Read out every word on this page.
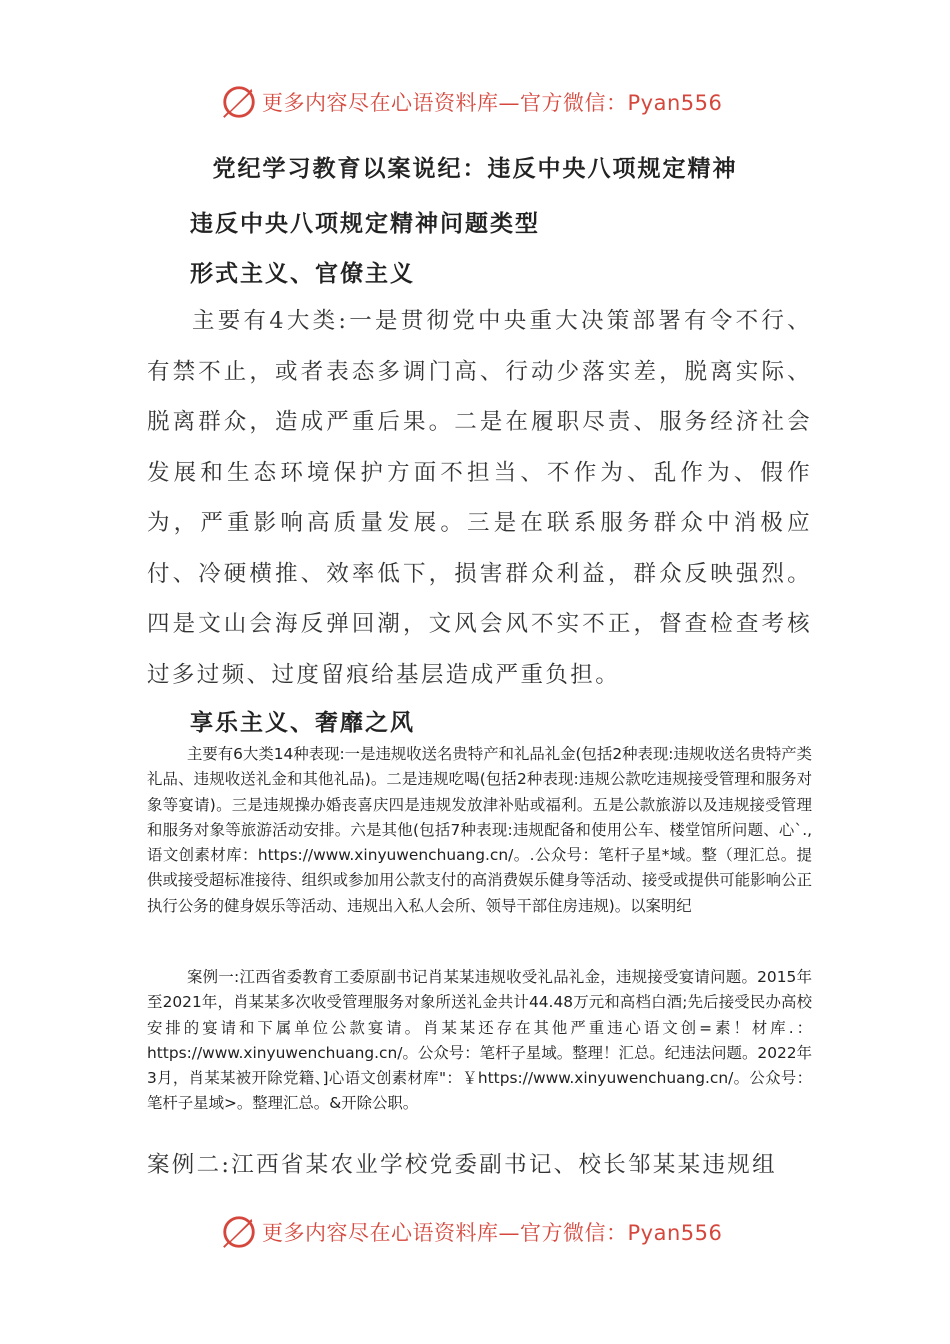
更多内容尽在心语资料库—官方微信：Pyan556
党纪学习教育以案说纪：违反中央八项规定精神
违反中央八项规定精神问题类型
形式主义、官僚主义
主要有4大类:一是贯彻党中央重大决策部署有令不行、有禁不止，或者表态多调门高、行动少落实差，脱离实际、脱离群众，造成严重后果。二是在履职尽责、服务经济社会发展和生态环境保护方面不担当、不作为、乱作为、假作为，严重影响高质量发展。三是在联系服务群众中消极应付、冷硬横推、效率低下，损害群众利益，群众反映强烈。四是文山会海反弹回潮，文风会风不实不正，督查检查考核过多过频、过度留痕给基层造成严重负担。
享乐主义、奢靡之风
主要有6大类14种表现:一是违规收送名贵特产和礼品礼金(包括2种表现:违规收送名贵特产类礼品、违规收送礼金和其他礼品)。二是违规吃喝(包括2种表现:违规公款吃违规接受管理和服务对象等宴请)。三是违规操办婚丧喜庆四是违规发放津补贴或福利。五是公款旅游以及违规接受管理和服务对象等旅游活动安排。六是其他(包括7种表现:违规配备和使用公车、楼堂馆所问题、心`.,语文创素材库：https://www.xinyuwenchuang.cn/。.公众号：笔杆子星*域。整（理汇总。提供或接受超标准接待、组织或参加用公款支付的高消费娱乐健身等活动、接受或提供可能影响公正执行公务的健身娱乐等活动、违规出入私人会所、领导干部住房违规)。以案明纪
案例一:江西省委教育工委原副书记肖某某违规收受礼品礼金，违规接受宴请问题。2015年至2021年，肖某某多次收受管理服务对象所送礼金共计44.48万元和高档白酒;先后接受民办高校安排的宴请和下属单位公款宴请。肖某某还存在其他严重违心语文创=素！材库.：https://www.xinyuwenchuang.cn/。公众号：笔杆子星域。整理！汇总。纪违法问题。2022年3月，肖某某被开除党籍、]心语文创素材库"：￥https://www.xinyuwenchuang.cn/。公众号：笔杆子星域>。整理汇总。&开除公职。
案例二:江西省某农业学校党委副书记、校长邹某某违规组
更多内容尽在心语资料库—官方微信：Pyan556
